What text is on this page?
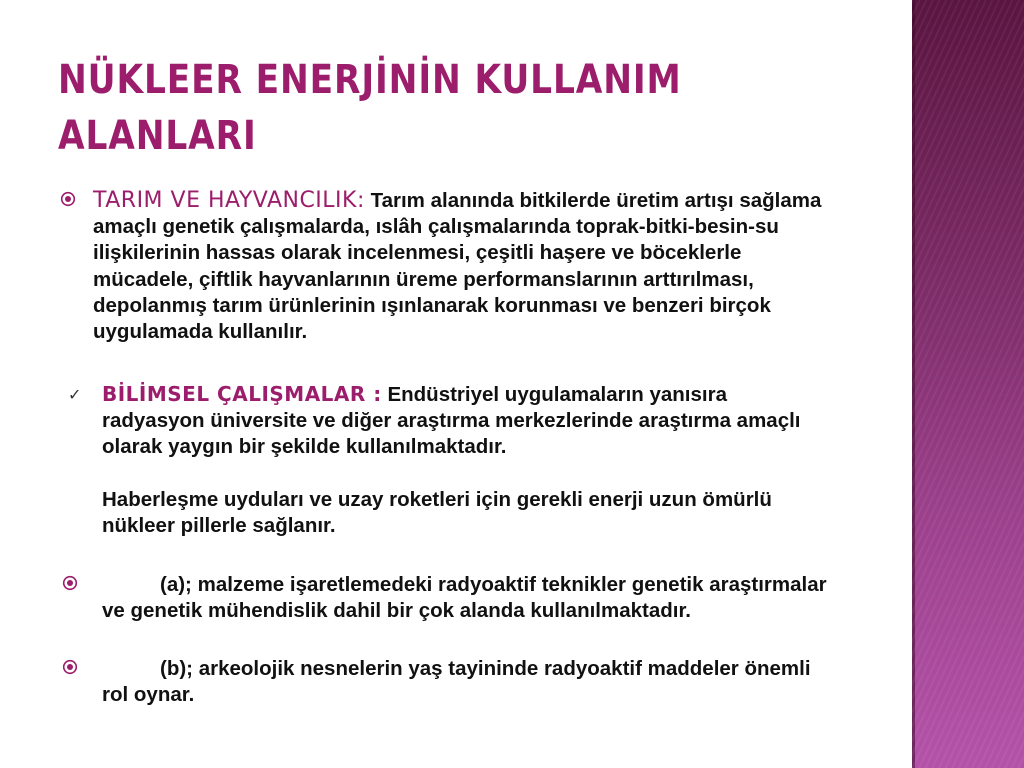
NÜKLEER ENERJİNİN KULLANIM ALANLARI
TARIM VE HAYVANCILIK: Tarım alanında bitkilerde üretim artışı sağlama amaçlı genetik çalışmalarda, ıslâh çalışmalarında toprak-bitki-besin-su ilişkilerinin hassas olarak incelenmesi, çeşitli haşere ve böceklerle mücadele, çiftlik hayvanlarının üreme performanslarının arttırılması, depolanmış tarım ürünlerinin ışınlanarak korunması ve benzeri birçok uygulamada kullanılır.
✓ BİLİMSEL ÇALIŞMALAR : Endüstriyel uygulamaların yanısıra radyasyon üniversite ve diğer araştırma merkezlerinde araştırma amaçlı olarak yaygın bir şekilde kullanılmaktadır.
Haberleşme uyduları ve uzay roketleri için gerekli enerji uzun ömürlü nükleer pillerle sağlanır.
(a); malzeme işaretlemedeki radyoaktif teknikler genetik araştırmalar ve genetik mühendislik dahil bir çok alanda kullanılmaktadır.
(b); arkeolojik nesnelerin yaş tayininde radyoaktif maddeler önemli rol oynar.
